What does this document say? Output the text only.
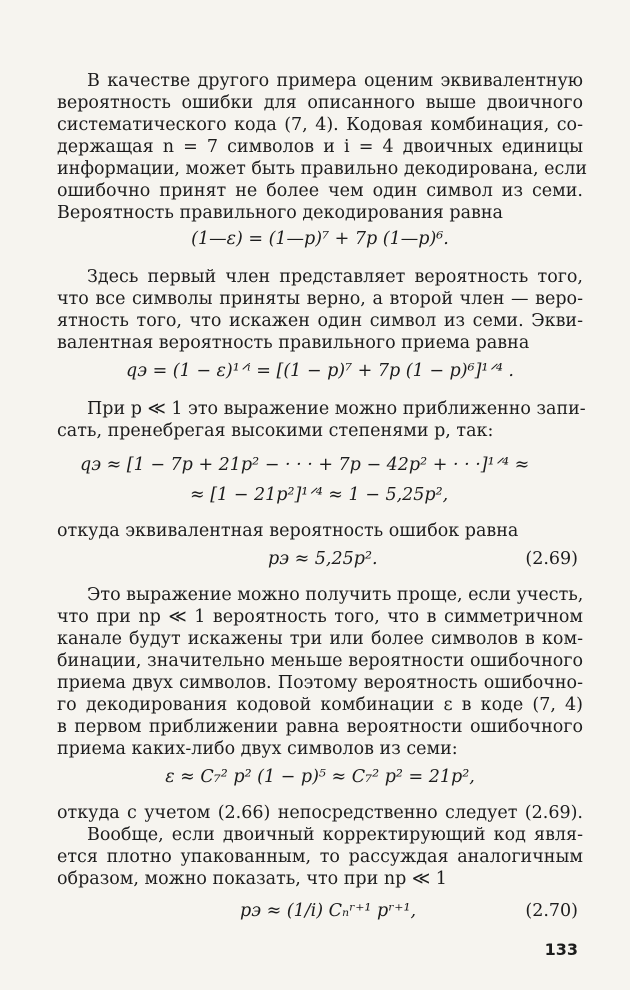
В качестве другого примера оценим эквивалентную
вероятность ошибки для описанного выше двоичного
систематического кода (7, 4). Кодовая комбинация, со-
держащая n = 7 символов и i = 4 двоичных единицы
информации, может быть правильно декодирована, если
ошибочно принят не более чем один символ из семи.
Вероятность правильного декодирования равна
(1—ε) = (1—p)⁷ + 7p (1—p)⁶.
Здесь первый член представляет вероятность того,
что все символы приняты верно, а второй член — веро-
ятность того, что искажен один символ из семи. Экви-
валентная вероятность правильного приема равна
qэ = (1 − ε)¹ᐟⁱ = [(1 − p)⁷ + 7p (1 − p)⁶]¹ᐟ⁴ .
При p ≪ 1 это выражение можно приближенно запи-
сать, пренебрегая высокими степенями p, так:
qэ ≈ [1 − 7p + 21p² − · · · + 7p − 42p² + · · ·]¹ᐟ⁴ ≈
≈ [1 − 21p²]¹ᐟ⁴ ≈ 1 − 5,25p²,
откуда эквивалентная вероятность ошибок равна
pэ ≈ 5,25p².	(2.69)
Это выражение можно получить проще, если учесть,
что при np ≪ 1 вероятность того, что в симметричном
канале будут искажены три или более символов в ком-
бинации, значительно меньше вероятности ошибочного
приема двух символов. Поэтому вероятность ошибочно-
го декодирования кодовой комбинации ε в коде (7, 4)
в первом приближении равна вероятности ошибочного
приема каких-либо двух символов из семи:
ε ≈ C₇² p² (1 − p)⁵ ≈ C₇² p² = 21p²,
откуда с учетом (2.66) непосредственно следует (2.69).
Вообще, если двоичный корректирующий код явля-
ется плотно упакованным, то рассуждая аналогичным
образом, можно показать, что при np ≪ 1
pэ ≈ (1/i) Cₙʳ⁺¹ pʳ⁺¹,	(2.70)
133
